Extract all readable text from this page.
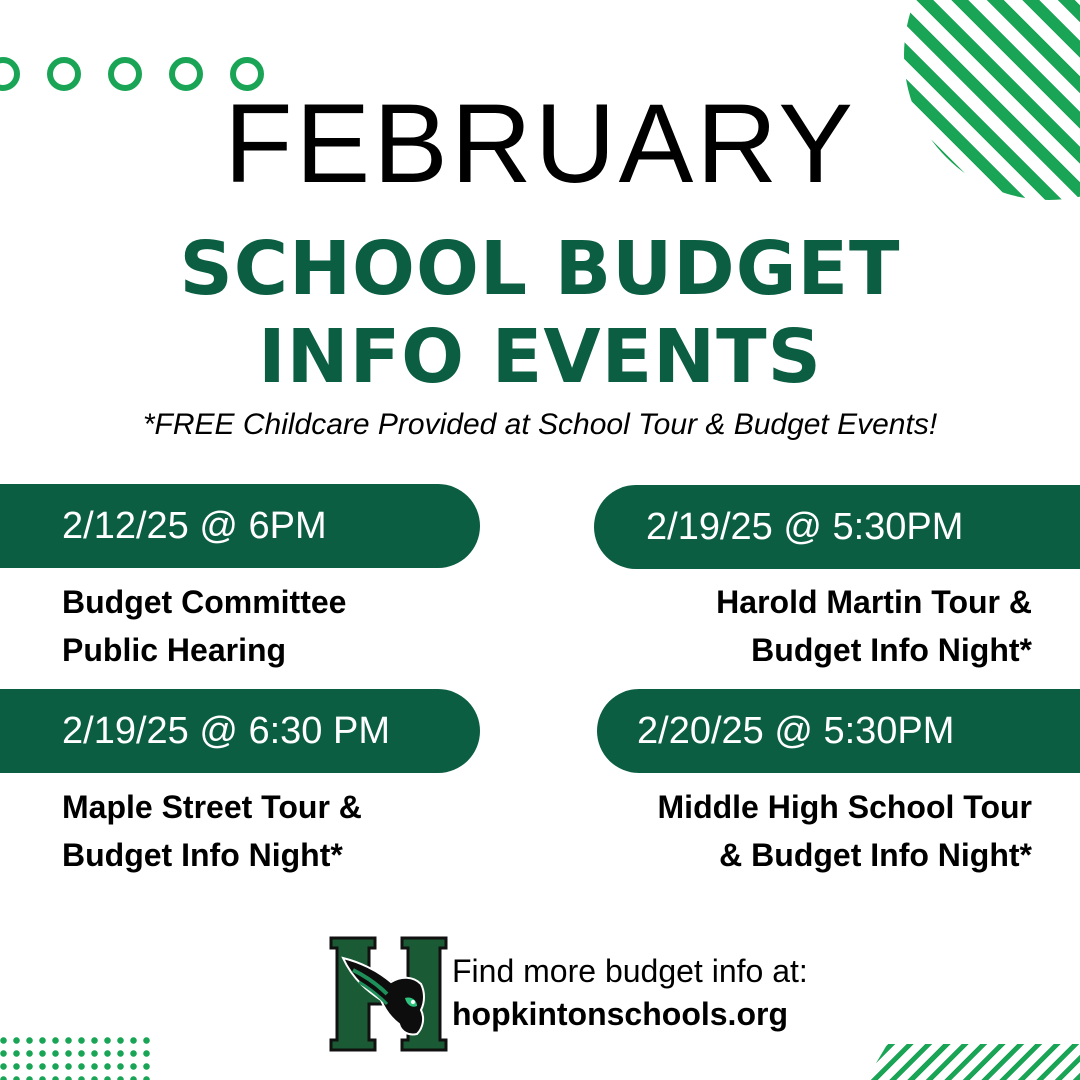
FEBRUARY
SCHOOL BUDGET
INFO EVENTS
*FREE Childcare Provided at School Tour & Budget Events!
2/12/25 @ 6PM
Budget Committee
Public Hearing
2/19/25 @ 5:30PM
Harold Martin Tour &
Budget Info Night*
2/19/25 @ 6:30 PM
Maple Street Tour &
Budget Info Night*
2/20/25 @ 5:30PM
Middle High School Tour
& Budget Info Night*
Find more budget info at:
hopkintonschools.org
